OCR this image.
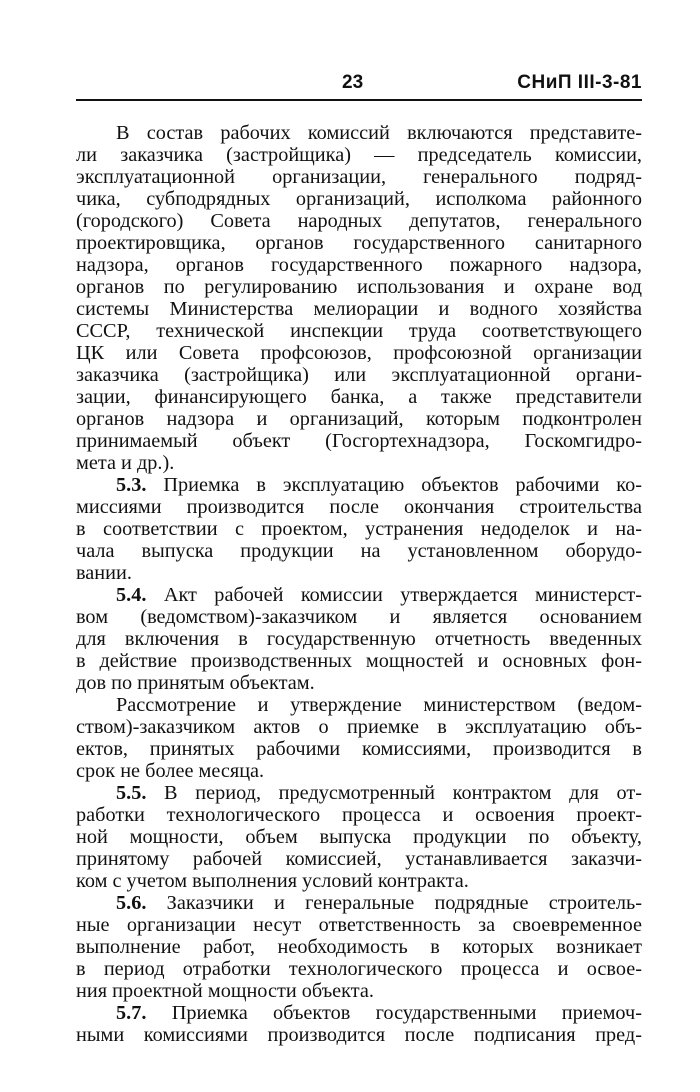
23	СНиП III-3-81
В состав рабочих комиссий включаются представите-
ли заказчика (застройщика) — председатель комиссии,
эксплуатационной организации, генерального подряд-
чика, субподрядных организаций, исполкома районного
(городского) Совета народных депутатов, генерального
проектировщика, органов государственного санитарного
надзора, органов государственного пожарного надзора,
органов по регулированию использования и охране вод
системы Министерства мелиорации и водного хозяйства
СССР, технической инспекции труда соответствующего
ЦК или Совета профсоюзов, профсоюзной организации
заказчика (застройщика) или эксплуатационной органи-
зации, финансирующего банка, а также представители
органов надзора и организаций, которым подконтролен
принимаемый объект (Госгортехнадзора, Госкомгидро-
мета и др.).
5.3. Приемка в эксплуатацию объектов рабочими ко-
миссиями производится после окончания строительства
в соответствии с проектом, устранения недоделок и на-
чала выпуска продукции на установленном оборудо-
вании.
5.4. Акт рабочей комиссии утверждается министерст-
вом (ведомством)-заказчиком и является основанием
для включения в государственную отчетность введенных
в действие производственных мощностей и основных фон-
дов по принятым объектам.
Рассмотрение и утверждение министерством (ведом-
ством)-заказчиком актов о приемке в эксплуатацию объ-
ектов, принятых рабочими комиссиями, производится в
срок не более месяца.
5.5. В период, предусмотренный контрактом для от-
работки технологического процесса и освоения проект-
ной мощности, объем выпуска продукции по объекту,
принятому рабочей комиссией, устанавливается заказчи-
ком с учетом выполнения условий контракта.
5.6. Заказчики и генеральные подрядные строитель-
ные организации несут ответственность за своевременное
выполнение работ, необходимость в которых возникает
в период отработки технологического процесса и освое-
ния проектной мощности объекта.
5.7. Приемка объектов государственными приемоч-
ными комиссиями производится после подписания пред-
